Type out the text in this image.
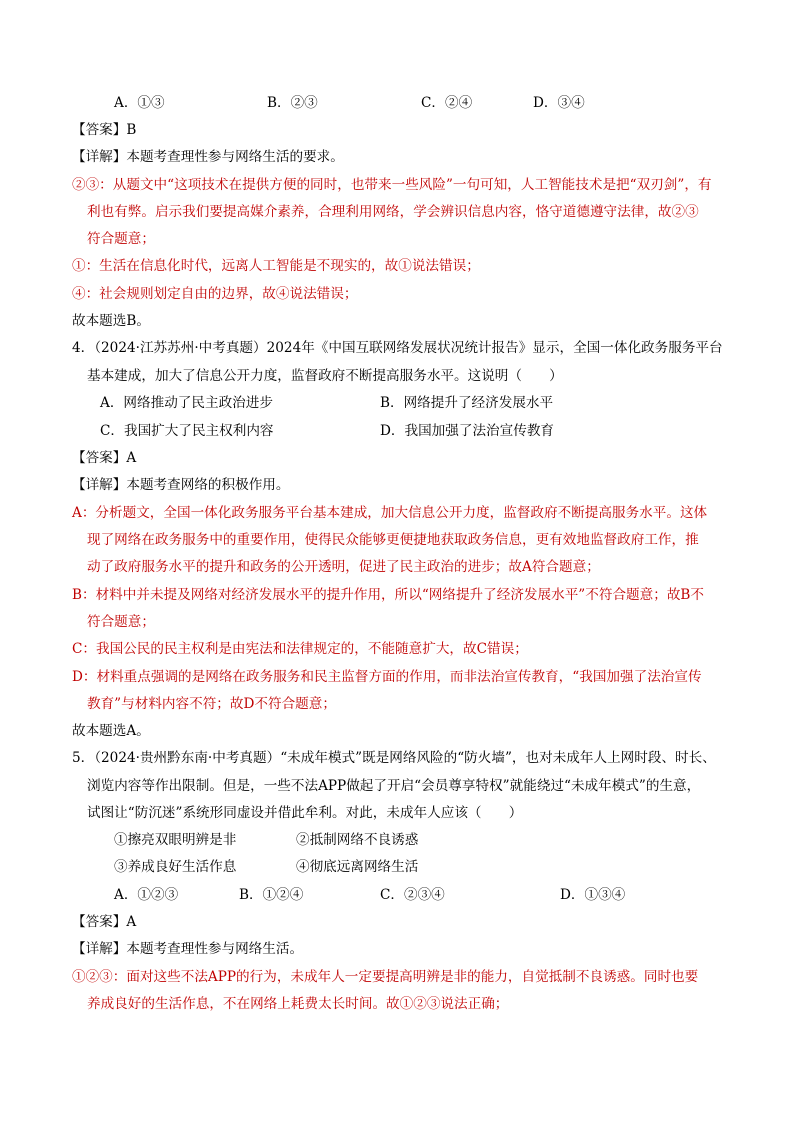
A．①③	B．②③	C．②④	D．③④
【答案】B
【详解】本题考查理性参与网络生活的要求。
②③：从题文中“这项技术在提供方便的同时，也带来一些风险”一句可知，人工智能技术是把“双刃剑”，有
利也有弊。启示我们要提高媒介素养，合理利用网络，学会辨识信息内容，恪守道德遵守法律，故②③
符合题意；
①：生活在信息化时代，远离人工智能是不现实的，故①说法错误；
④：社会规则划定自由的边界，故④说法错误；
故本题选B。
4．（2024·江苏苏州·中考真题）2024年《中国互联网络发展状况统计报告》显示，全国一体化政务服务平台
基本建成，加大了信息公开力度，监督政府不断提高服务水平。这说明（　　）
A．网络推动了民主政治进步	B．网络提升了经济发展水平
C．我国扩大了民主权利内容	D．我国加强了法治宣传教育
【答案】A
【详解】本题考查网络的积极作用。
A：分析题文，全国一体化政务服务平台基本建成，加大信息公开力度，监督政府不断提高服务水平。这体
现了网络在政务服务中的重要作用，使得民众能够更便捷地获取政务信息，更有效地监督政府工作，推
动了政府服务水平的提升和政务的公开透明，促进了民主政治的进步；故A符合题意；
B：材料中并未提及网络对经济发展水平的提升作用，所以“网络提升了经济发展水平”不符合题意；故B不
符合题意；
C：我国公民的民主权利是由宪法和法律规定的，不能随意扩大，故C错误；
D：材料重点强调的是网络在政务服务和民主监督方面的作用，而非法治宣传教育，“我国加强了法治宣传
教育”与材料内容不符；故D不符合题意；
故本题选A。
5．（2024·贵州黔东南·中考真题）“未成年模式”既是网络风险的“防火墙”，也对未成年人上网时段、时长、
浏览内容等作出限制。但是，一些不法APP做起了开启“会员尊享特权”就能绕过“未成年模式”的生意，
试图让“防沉迷”系统形同虚设并借此牟利。对此，未成年人应该（　　）
①擦亮双眼明辨是非	②抵制网络不良诱惑
③养成良好生活作息	④彻底远离网络生活
A．①②③	B．①②④	C．②③④	D．①③④
【答案】A
【详解】本题考查理性参与网络生活。
①②③：面对这些不法APP的行为，未成年人一定要提高明辨是非的能力，自觉抵制不良诱惑。同时也要
养成良好的生活作息，不在网络上耗费太长时间。故①②③说法正确；
